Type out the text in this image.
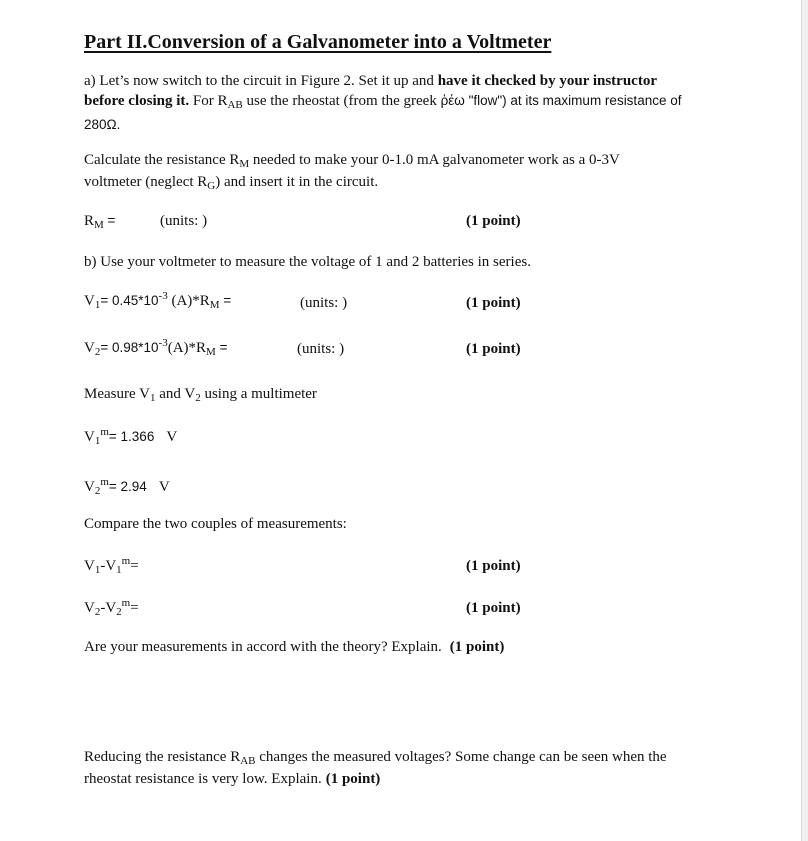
Part II.Conversion of a Galvanometer into a Voltmeter
a) Let’s now switch to the circuit in Figure 2. Set it up and have it checked by your instructor
before closing it. For $R_{AB}$ use the rheostat (from the greek ῥέω "flow") at its maximum resistance of
280Ω.
Calculate the resistance $R_M$ needed to make your 0-1.0 mA galvanometer work as a 0-3V
voltmeter (neglect $R_G$) and insert it in the circuit.
$R_M$ =	(units: )	(1 point)
b) Use your voltmeter to measure the voltage of 1 and 2 batteries in series.
$V_1= 0.45*10^{-3}$ $(A)*R_M$ =	(units: )	(1 point)
$V_2= 0.98*10^{-3}(A)*R_M$ =	(units: )	(1 point)
Measure $V_1$ and $V_2$ using a multimeter
$V_1^m= 1.366$ V
$V_2^m= 2.94$ V
Compare the two couples of measurements:
$V_1-V_1^m=$	(1 point)
$V_2-V_2^m=$	(1 point)
Are your measurements in accord with the theory? Explain. (1 point)
Reducing the resistance $R_{AB}$ changes the measured voltages? Some change can be seen when the
rheostat resistance is very low. Explain. (1 point)
